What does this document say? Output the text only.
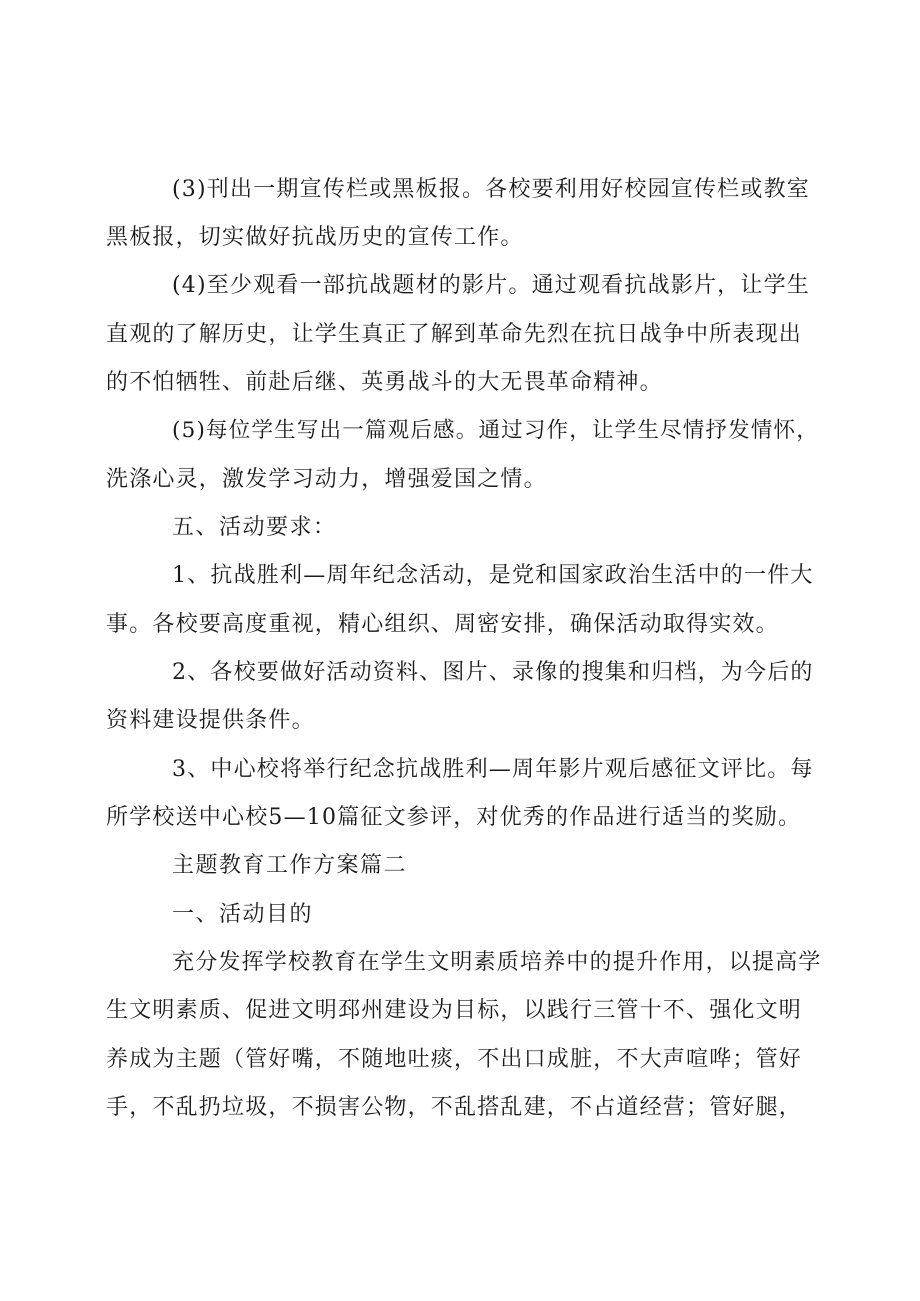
(3)刊出一期宣传栏或黑板报。各校要利用好校园宣传栏或教室
黑板报，切实做好抗战历史的宣传工作。
(4)至少观看一部抗战题材的影片。通过观看抗战影片，让学生
直观的了解历史，让学生真正了解到革命先烈在抗日战争中所表现出
的不怕牺牲、前赴后继、英勇战斗的大无畏革命精神。
(5)每位学生写出一篇观后感。通过习作，让学生尽情抒发情怀，
洗涤心灵，激发学习动力，增强爱国之情。
五、活动要求：
1、抗战胜利—周年纪念活动，是党和国家政治生活中的一件大
事。各校要高度重视，精心组织、周密安排，确保活动取得实效。
2、各校要做好活动资料、图片、录像的搜集和归档，为今后的
资料建设提供条件。
3、中心校将举行纪念抗战胜利—周年影片观后感征文评比。每
所学校送中心校5—10篇征文参评，对优秀的作品进行适当的奖励。
主题教育工作方案篇二
一、活动目的
充分发挥学校教育在学生文明素质培养中的提升作用，以提高学
生文明素质、促进文明邳州建设为目标，以践行三管十不、强化文明
养成为主题（管好嘴，不随地吐痰，不出口成脏，不大声喧哗；管好
手，不乱扔垃圾，不损害公物，不乱搭乱建，不占道经营；管好腿，
